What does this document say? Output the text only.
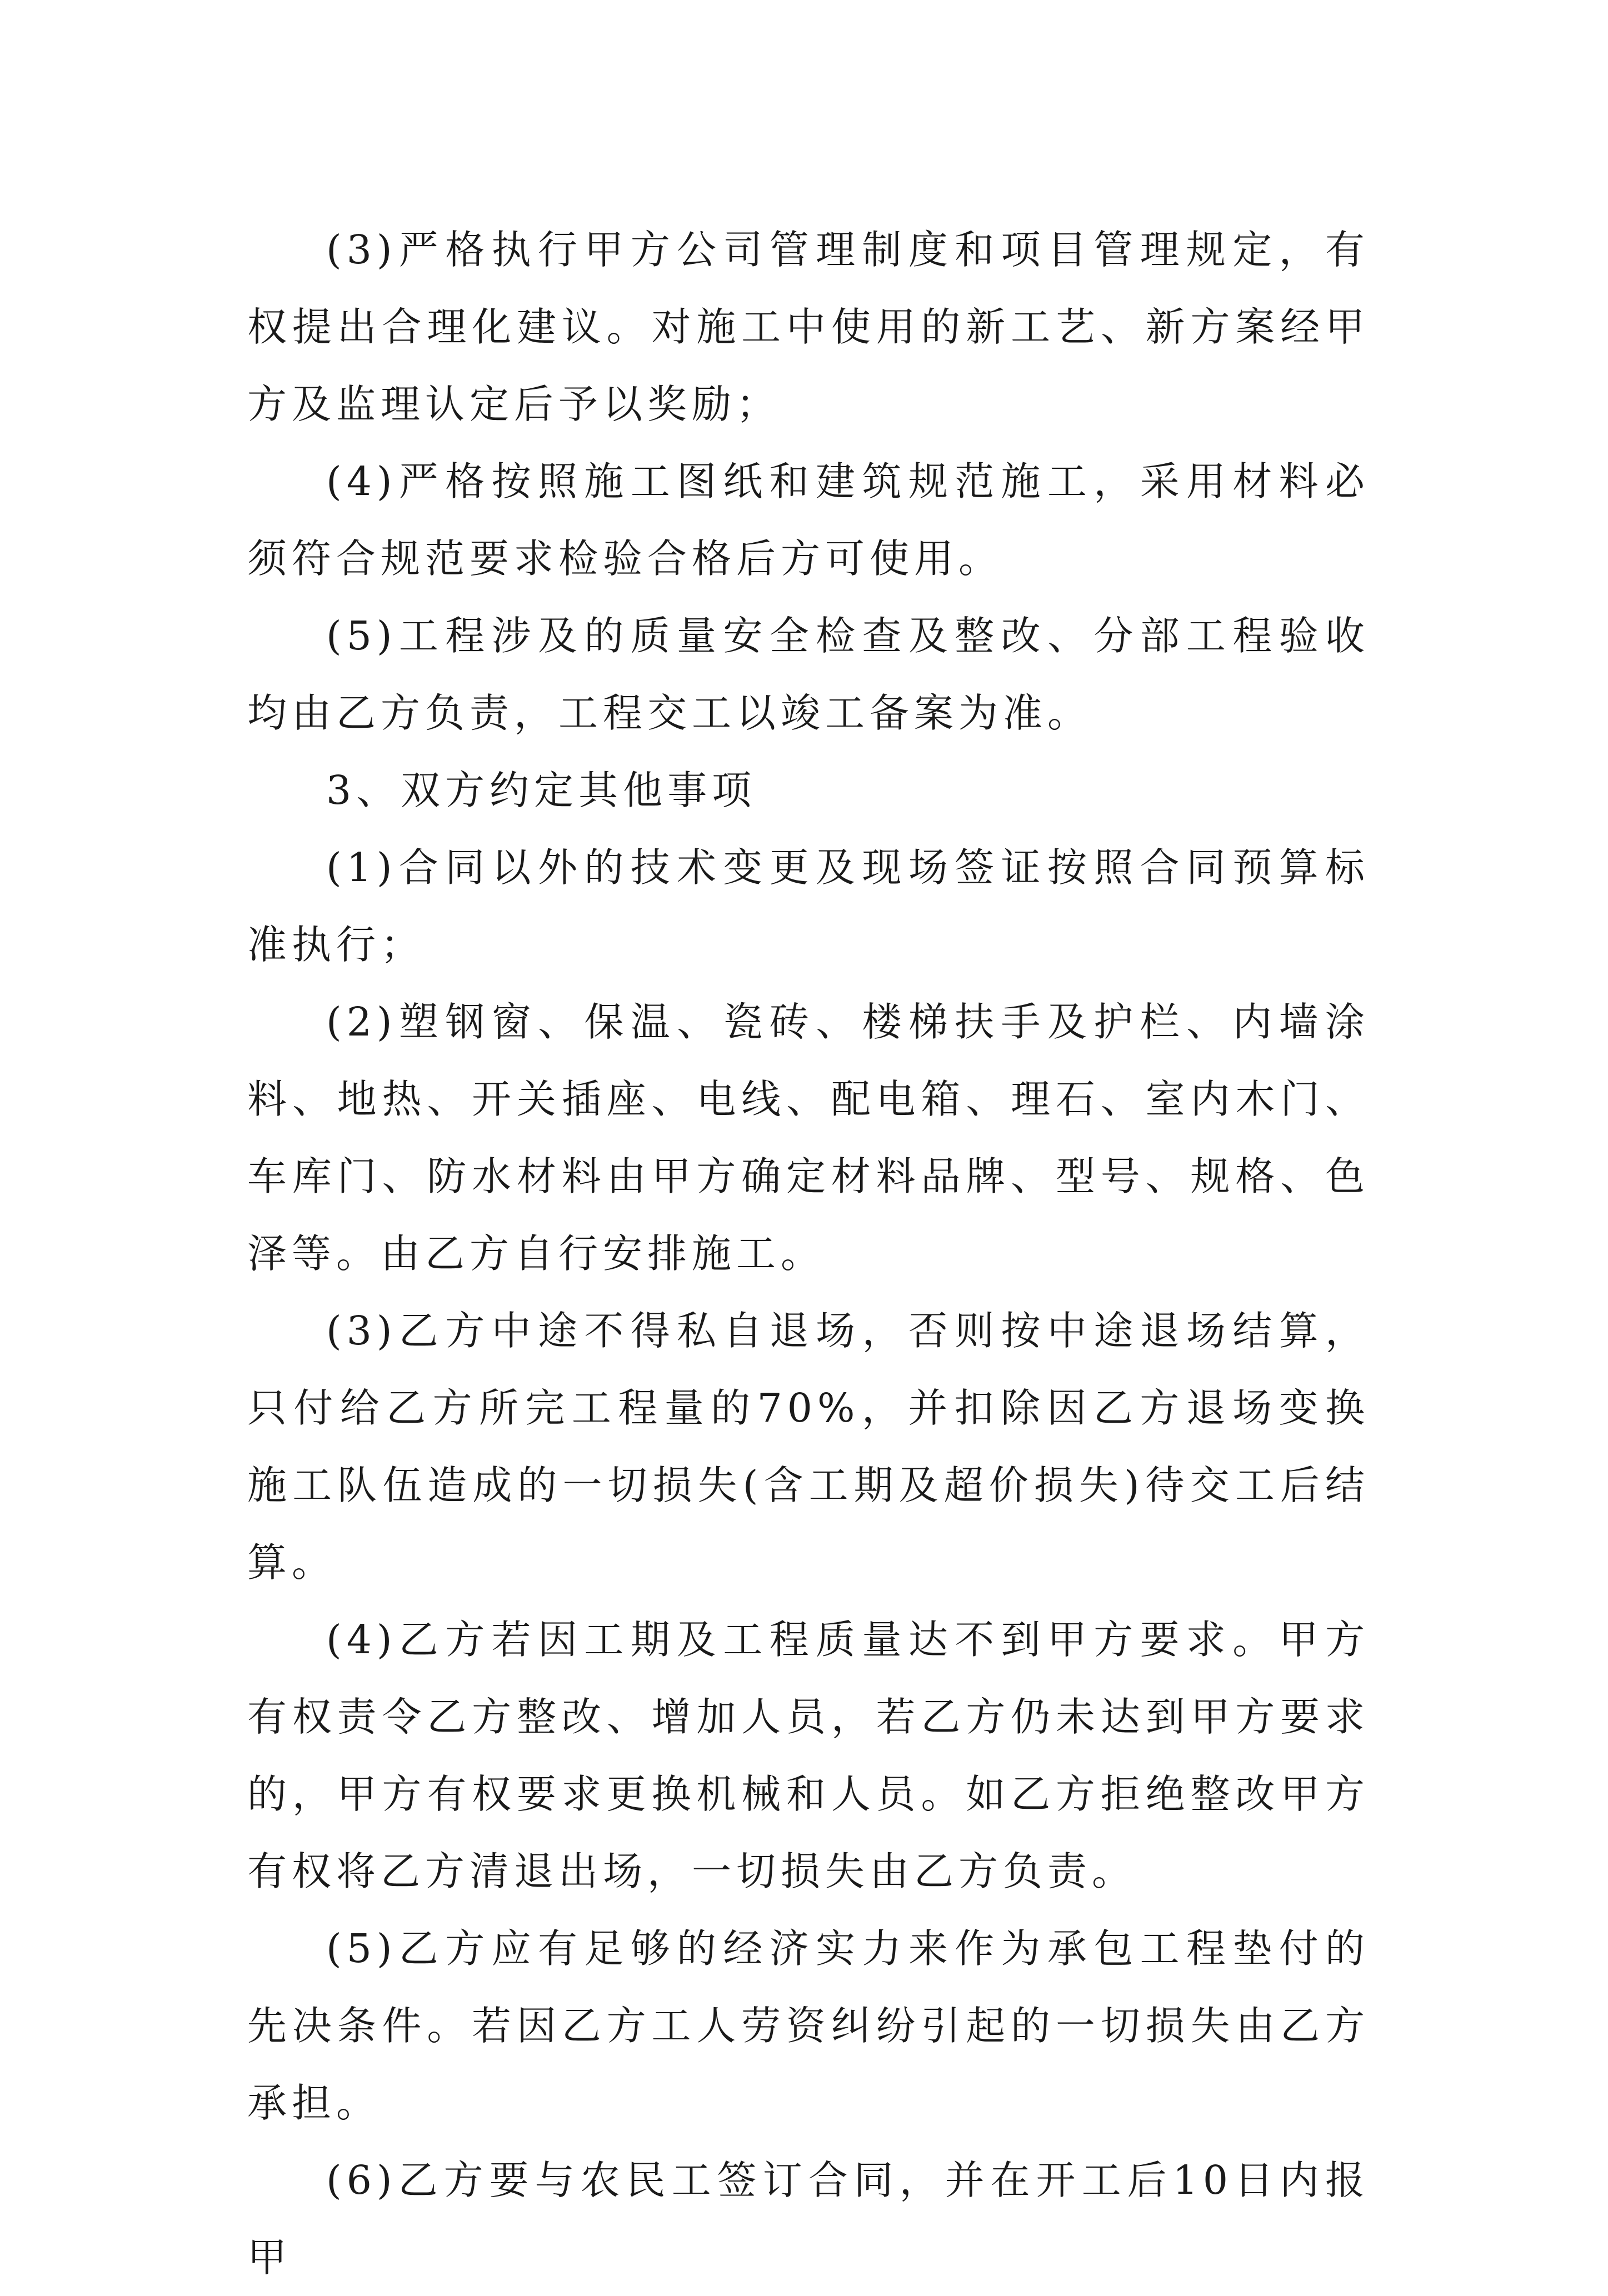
(3)严格执行甲方公司管理制度和项目管理规定，有权提出合理化建议。对施工中使用的新工艺、新方案经甲方及监理认定后予以奖励；

(4)严格按照施工图纸和建筑规范施工，采用材料必须符合规范要求检验合格后方可使用。

(5)工程涉及的质量安全检查及整改、分部工程验收均由乙方负责，工程交工以竣工备案为准。

3、双方约定其他事项

(1)合同以外的技术变更及现场签证按照合同预算标准执行；

(2)塑钢窗、保温、瓷砖、楼梯扶手及护栏、内墙涂料、地热、开关插座、电线、配电箱、理石、室内木门、车库门、防水材料由甲方确定材料品牌、型号、规格、色泽等。由乙方自行安排施工。

(3)乙方中途不得私自退场，否则按中途退场结算，只付给乙方所完工程量的70%，并扣除因乙方退场变换施工队伍造成的一切损失(含工期及超价损失)待交工后结算。

(4)乙方若因工期及工程质量达不到甲方要求。甲方有权责令乙方整改、增加人员，若乙方仍未达到甲方要求的，甲方有权要求更换机械和人员。如乙方拒绝整改甲方有权将乙方清退出场，一切损失由乙方负责。

(5)乙方应有足够的经济实力来作为承包工程垫付的先决条件。若因乙方工人劳资纠纷引起的一切损失由乙方承担。

(6)乙方要与农民工签订合同，并在开工后10日内报甲
